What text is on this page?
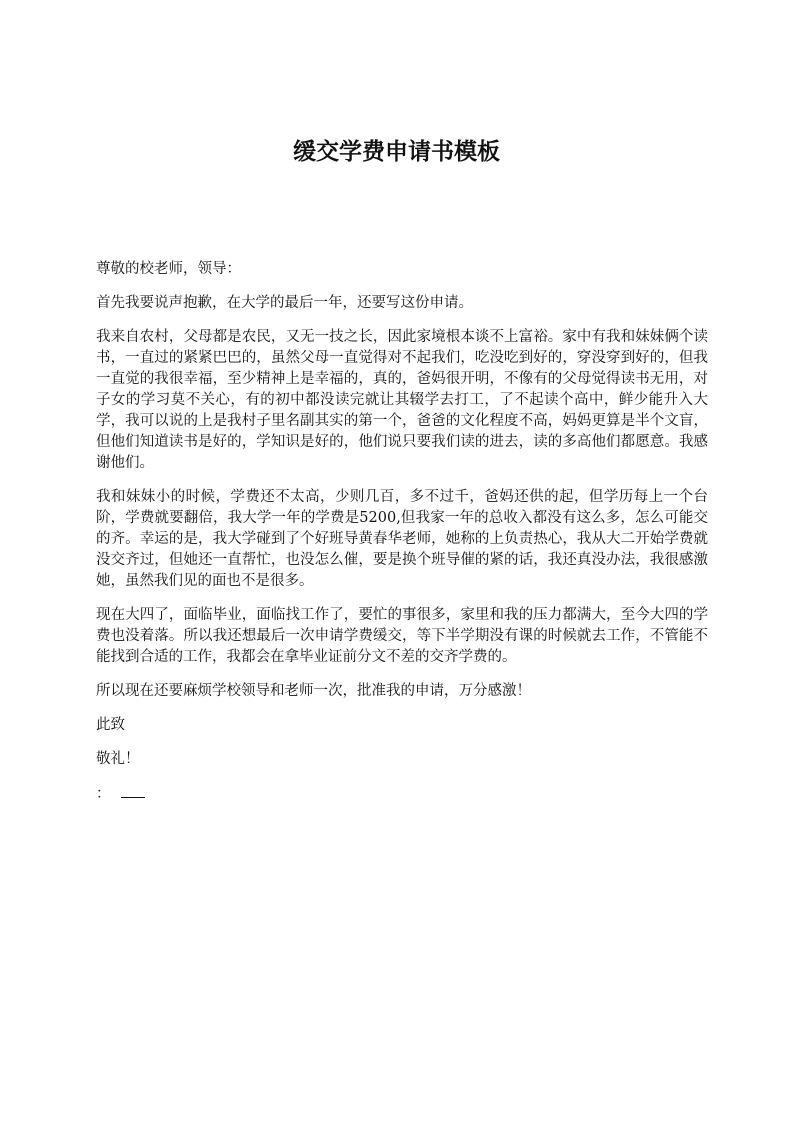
缓交学费申请书模板

尊敬的校老师，领导：

首先我要说声抱歉，在大学的最后一年，还要写这份申请。

我来自农村，父母都是农民，又无一技之长，因此家境根本谈不上富裕。家中有我和妹妹俩个读书，一直过的紧紧巴巴的，虽然父母一直觉得对不起我们，吃没吃到好的，穿没穿到好的，但我一直觉的我很幸福，至少精神上是幸福的，真的，爸妈很开明，不像有的父母觉得读书无用，对子女的学习莫不关心，有的初中都没读完就让其辍学去打工，了不起读个高中，鲜少能升入大学，我可以说的上是我村子里名副其实的第一个，爸爸的文化程度不高，妈妈更算是半个文盲，但他们知道读书是好的，学知识是好的，他们说只要我们读的进去，读的多高他们都愿意。我感谢他们。

我和妹妹小的时候，学费还不太高，少则几百，多不过千，爸妈还供的起，但学历每上一个台阶，学费就要翻倍，我大学一年的学费是5200,但我家一年的总收入都没有这么多，怎么可能交的齐。幸运的是，我大学碰到了个好班导黄春华老师，她称的上负责热心，我从大二开始学费就没交齐过，但她还一直帮忙，也没怎么催，要是换个班导催的紧的话，我还真没办法，我很感激她，虽然我们见的面也不是很多。

现在大四了，面临毕业，面临找工作了，要忙的事很多，家里和我的压力都满大，至今大四的学费也没着落。所以我还想最后一次申请学费缓交，等下半学期没有课的时候就去工作，不管能不能找到合适的工作，我都会在拿毕业证前分文不差的交齐学费的。

所以现在还要麻烦学校领导和老师一次，批准我的申请，万分感激！

此致

敬礼！

：
